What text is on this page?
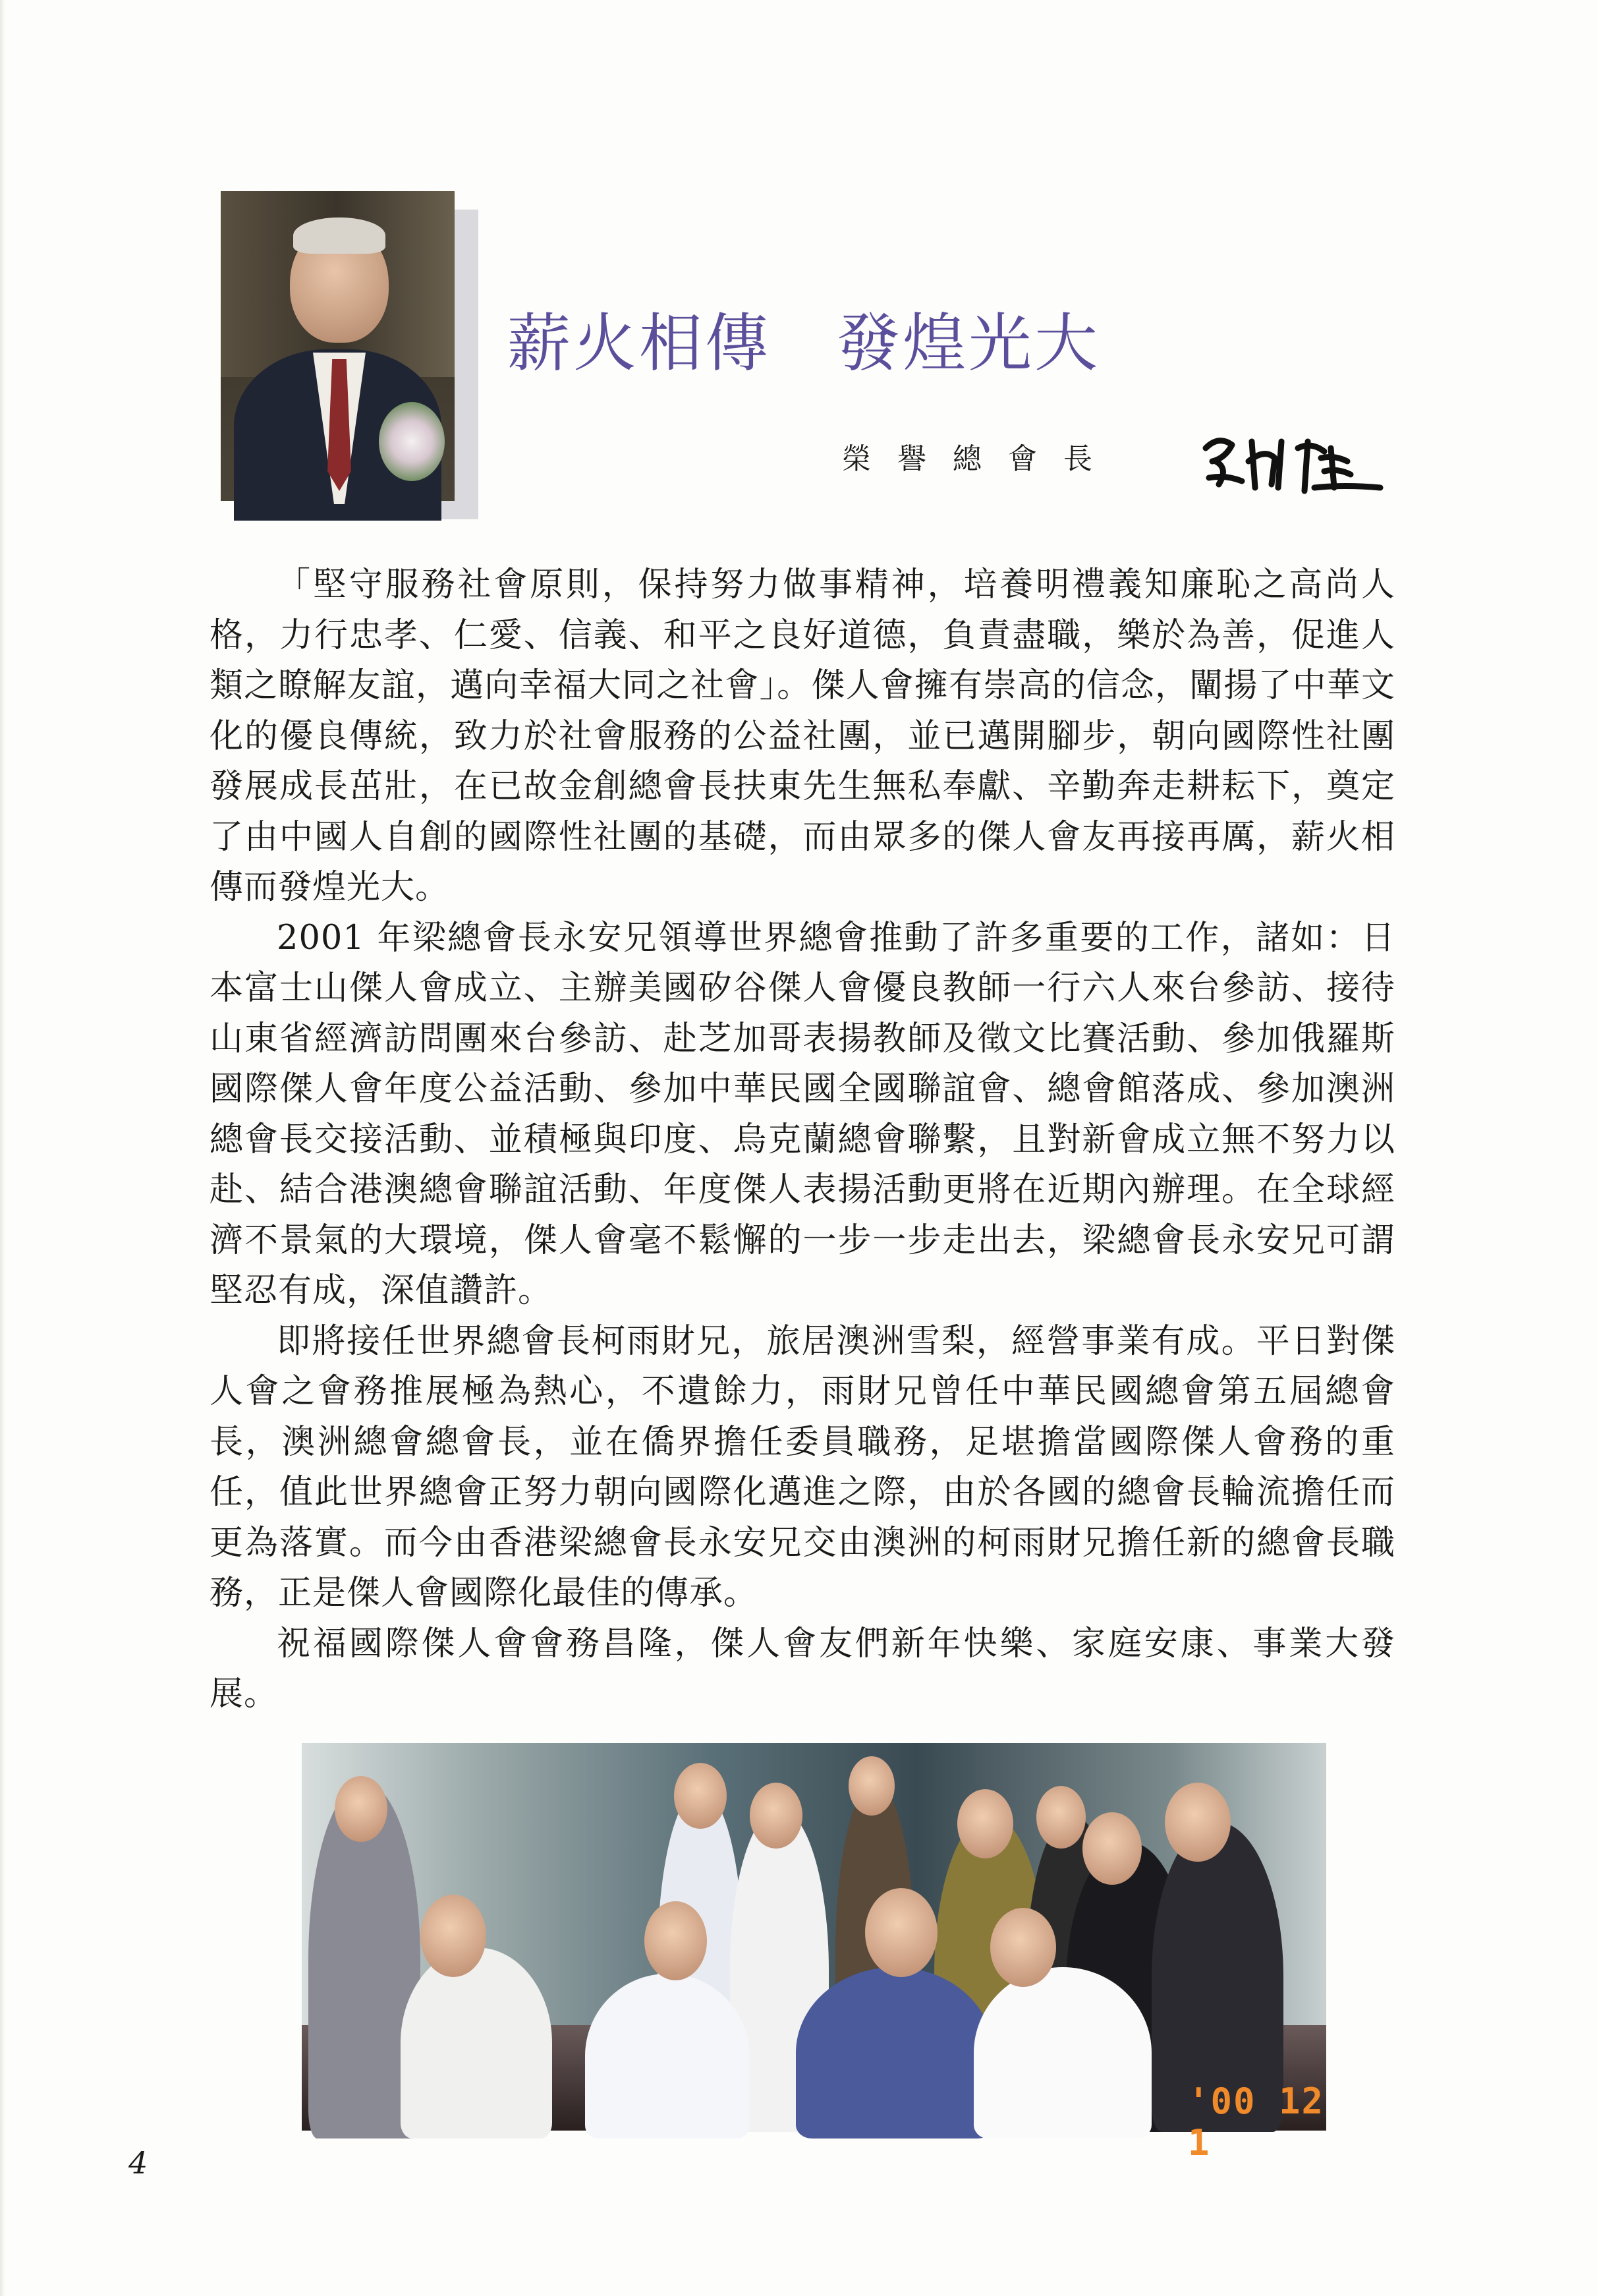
薪火相傳　發煌光大
榮譽總會長

「堅守服務社會原則，保持努力做事精神，培養明禮義知廉恥之高尚人格，力行忠孝、仁愛、信義、和平之良好道德，負責盡職，樂於為善，促進人類之瞭解友誼，邁向幸福大同之社會」。傑人會擁有崇高的信念，闡揚了中華文化的優良傳統，致力於社會服務的公益社團，並已邁開腳步，朝向國際性社團發展成長茁壯，在已故金創總會長扶東先生無私奉獻、辛勤奔走耕耘下，奠定了由中國人自創的國際性社團的基礎，而由眾多的傑人會友再接再厲，薪火相傳而發煌光大。

2001 年梁總會長永安兄領導世界總會推動了許多重要的工作，諸如：日本富士山傑人會成立、主辦美國矽谷傑人會優良教師一行六人來台參訪、接待山東省經濟訪問團來台參訪、赴芝加哥表揚教師及徵文比賽活動、參加俄羅斯國際傑人會年度公益活動、參加中華民國全國聯誼會、總會館落成、參加澳洲總會長交接活動、並積極與印度、烏克蘭總會聯繫，且對新會成立無不努力以赴、結合港澳總會聯誼活動、年度傑人表揚活動更將在近期內辦理。在全球經濟不景氣的大環境，傑人會毫不鬆懈的一步一步走出去，梁總會長永安兄可謂堅忍有成，深值讚許。

即將接任世界總會長柯雨財兄，旅居澳洲雪梨，經營事業有成。平日對傑人會之會務推展極為熱心，不遺餘力，雨財兄曾任中華民國總會第五屆總會長，澳洲總會總會長，並在僑界擔任委員職務，足堪擔當國際傑人會務的重任，值此世界總會正努力朝向國際化邁進之際，由於各國的總會長輪流擔任而更為落實。而今由香港梁總會長永安兄交由澳洲的柯雨財兄擔任新的總會長職務，正是傑人會國際化最佳的傳承。

祝福國際傑人會會務昌隆，傑人會友們新年快樂、家庭安康、事業大發展。

'00 12 1
4
